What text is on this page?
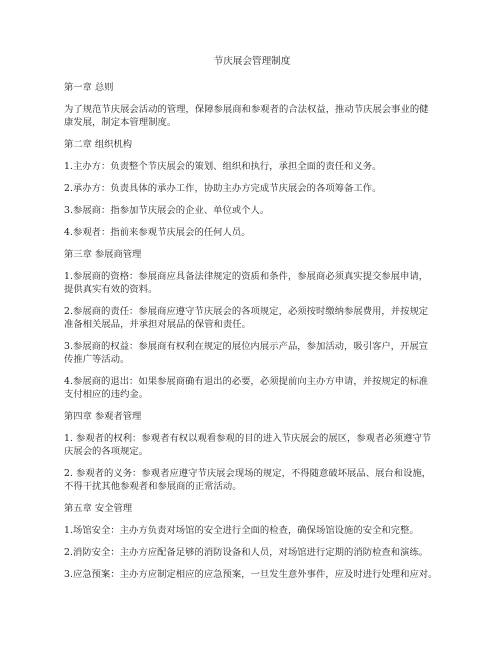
节庆展会管理制度
第一章 总则
为了规范节庆展会活动的管理，保障参展商和参观者的合法权益，推动节庆展会事业的健
康发展，制定本管理制度。
第二章 组织机构
1.主办方：负责整个节庆展会的策划、组织和执行，承担全面的责任和义务。
2.承办方：负责具体的承办工作，协助主办方完成节庆展会的各项筹备工作。
3.参展商：指参加节庆展会的企业、单位或个人。
4.参观者：指前来参观节庆展会的任何人员。
第三章 参展商管理
1.参展商的资格：参展商应具备法律规定的资质和条件，参展商必须真实提交参展申请，
提供真实有效的资料。
2.参展商的责任：参展商应遵守节庆展会的各项规定，必须按时缴纳参展费用，并按规定
准备相关展品，并承担对展品的保管和责任。
3.参展商的权益：参展商有权利在规定的展位内展示产品，参加活动，吸引客户，开展宣
传推广等活动。
4.参展商的退出：如果参展商确有退出的必要，必须提前向主办方申请，并按规定的标准
支付相应的违约金。
第四章 参观者管理
1. 参观者的权利：参观者有权以观看参观的目的进入节庆展会的展区，参观者必须遵守节
庆展会的各项规定。
2. 参观者的义务：参观者应遵守节庆展会现场的规定，不得随意破坏展品、展台和设施，
不得干扰其他参观者和参展商的正常活动。
第五章 安全管理
1.场馆安全：主办方负责对场馆的安全进行全面的检查，确保场馆设施的安全和完整。
2.消防安全：主办方应配备足够的消防设备和人员，对场馆进行定期的消防检查和演练。
3.应急预案：主办方应制定相应的应急预案，一旦发生意外事件，应及时进行处理和应对。
